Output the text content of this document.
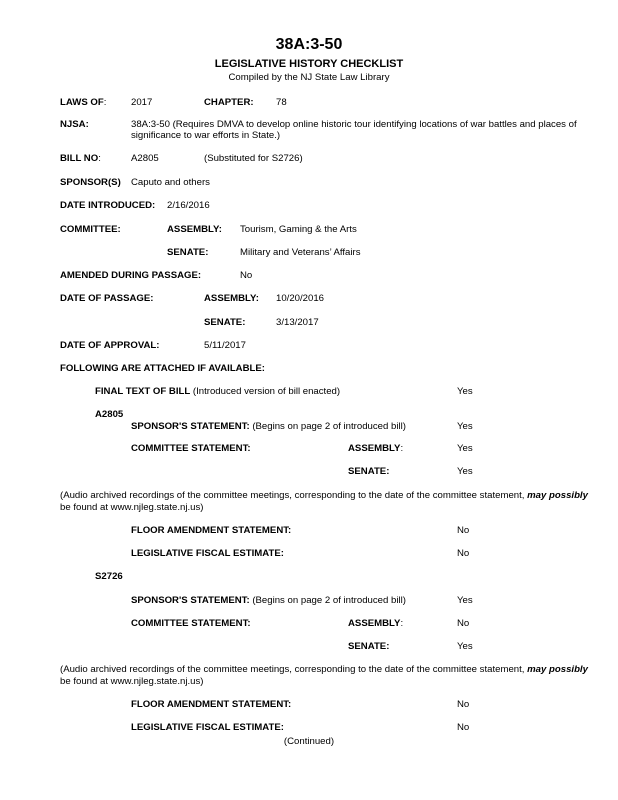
38A:3-50
LEGISLATIVE HISTORY CHECKLIST
Compiled by the NJ State Law Library
LAWS OF:	2017	CHAPTER: 78
NJSA:	38A:3-50 (Requires DMVA to develop online historic tour identifying locations of war battles and places of
significance to war efforts in State.)
BILL NO:	A2805	(Substituted for S2726)
SPONSOR(S) Caputo and others
DATE INTRODUCED: 2/16/2016
COMMITTEE:	ASSEMBLY: Tourism, Gaming & the Arts
SENATE:	Military and Veterans’ Affairs
AMENDED DURING PASSAGE:	No
DATE OF PASSAGE:	ASSEMBLY: 10/20/2016
SENATE:	3/13/2017
DATE OF APPROVAL:	5/11/2017
FOLLOWING ARE ATTACHED IF AVAILABLE:
FINAL TEXT OF BILL (Introduced version of bill enacted)	Yes
A2805
SPONSOR'S STATEMENT: (Begins on page 2 of introduced bill)	Yes
COMMITTEE STATEMENT:	ASSEMBLY:	Yes
SENATE:	Yes
(Audio archived recordings of the committee meetings, corresponding to the date of the committee statement, may possibly
be found at www.njleg.state.nj.us)
FLOOR AMENDMENT STATEMENT:	No
LEGISLATIVE FISCAL ESTIMATE:	No
S2726
SPONSOR'S STATEMENT: (Begins on page 2 of introduced bill)	Yes
COMMITTEE STATEMENT:	ASSEMBLY:	No
SENATE:	Yes
(Audio archived recordings of the committee meetings, corresponding to the date of the committee statement, may possibly
be found at www.njleg.state.nj.us)
FLOOR AMENDMENT STATEMENT:	No
LEGISLATIVE FISCAL ESTIMATE:	No
(Continued)
